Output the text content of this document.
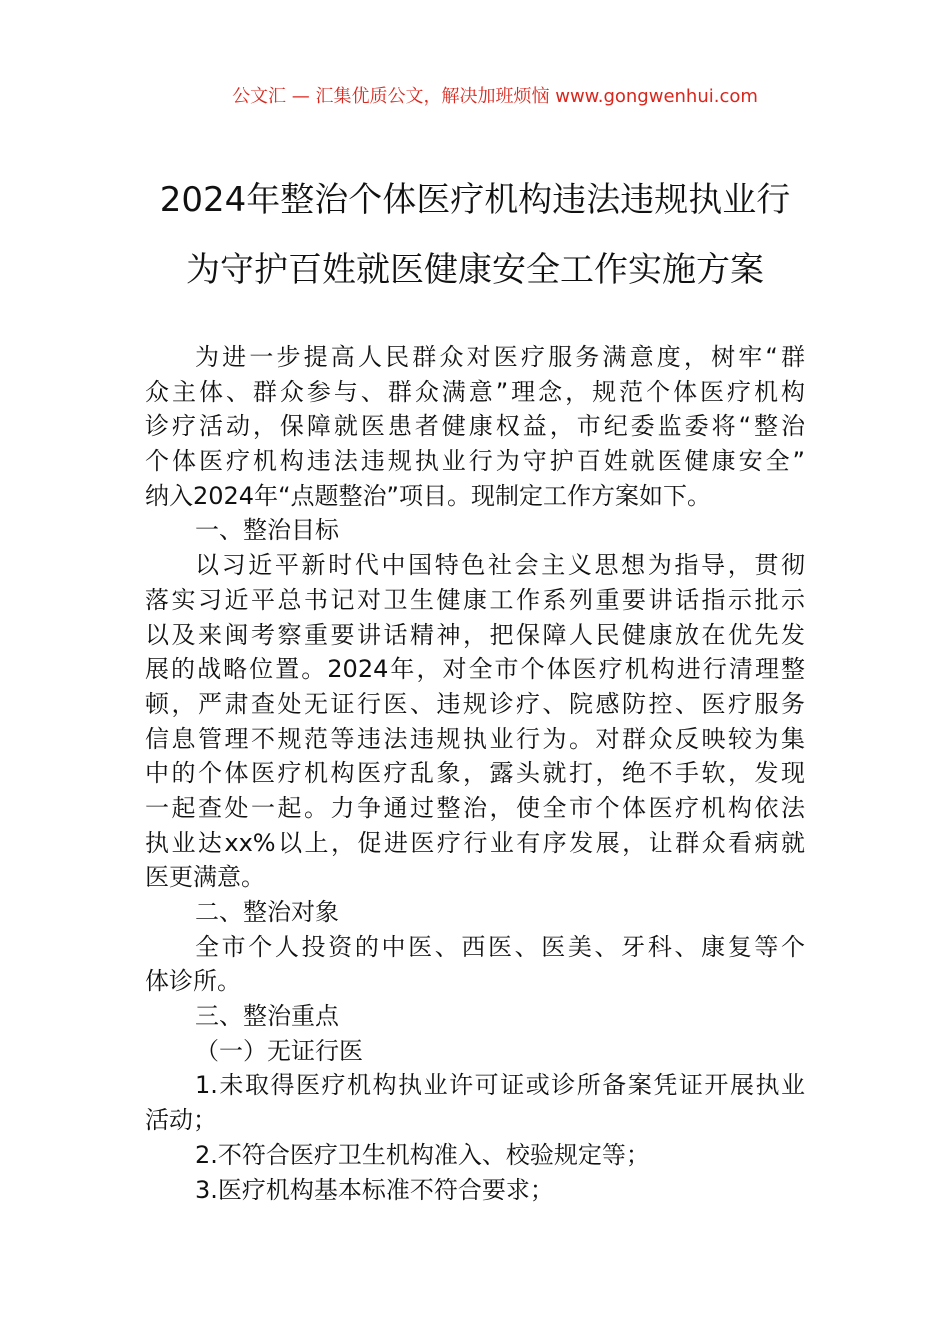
公文汇 — 汇集优质公文，解决加班烦恼 www.gongwenhui.com
2024年整治个体医疗机构违法违规执业行
为守护百姓就医健康安全工作实施方案
为进一步提高人民群众对医疗服务满意度，树牢“群
众主体、群众参与、群众满意”理念，规范个体医疗机构
诊疗活动，保障就医患者健康权益，市纪委监委将“整治
个体医疗机构违法违规执业行为守护百姓就医健康安全”
纳入2024年“点题整治”项目。现制定工作方案如下。
一、整治目标
以习近平新时代中国特色社会主义思想为指导，贯彻
落实习近平总书记对卫生健康工作系列重要讲话指示批示
以及来闽考察重要讲话精神，把保障人民健康放在优先发
展的战略位置。2024年，对全市个体医疗机构进行清理整
顿，严肃查处无证行医、违规诊疗、院感防控、医疗服务
信息管理不规范等违法违规执业行为。对群众反映较为集
中的个体医疗机构医疗乱象，露头就打，绝不手软，发现
一起查处一起。力争通过整治，使全市个体医疗机构依法
执业达xx%以上，促进医疗行业有序发展，让群众看病就
医更满意。
二、整治对象
全市个人投资的中医、西医、医美、牙科、康复等个
体诊所。
三、整治重点
（一）无证行医
1.未取得医疗机构执业许可证或诊所备案凭证开展执业
活动；
2.不符合医疗卫生机构准入、校验规定等；
3.医疗机构基本标准不符合要求；
